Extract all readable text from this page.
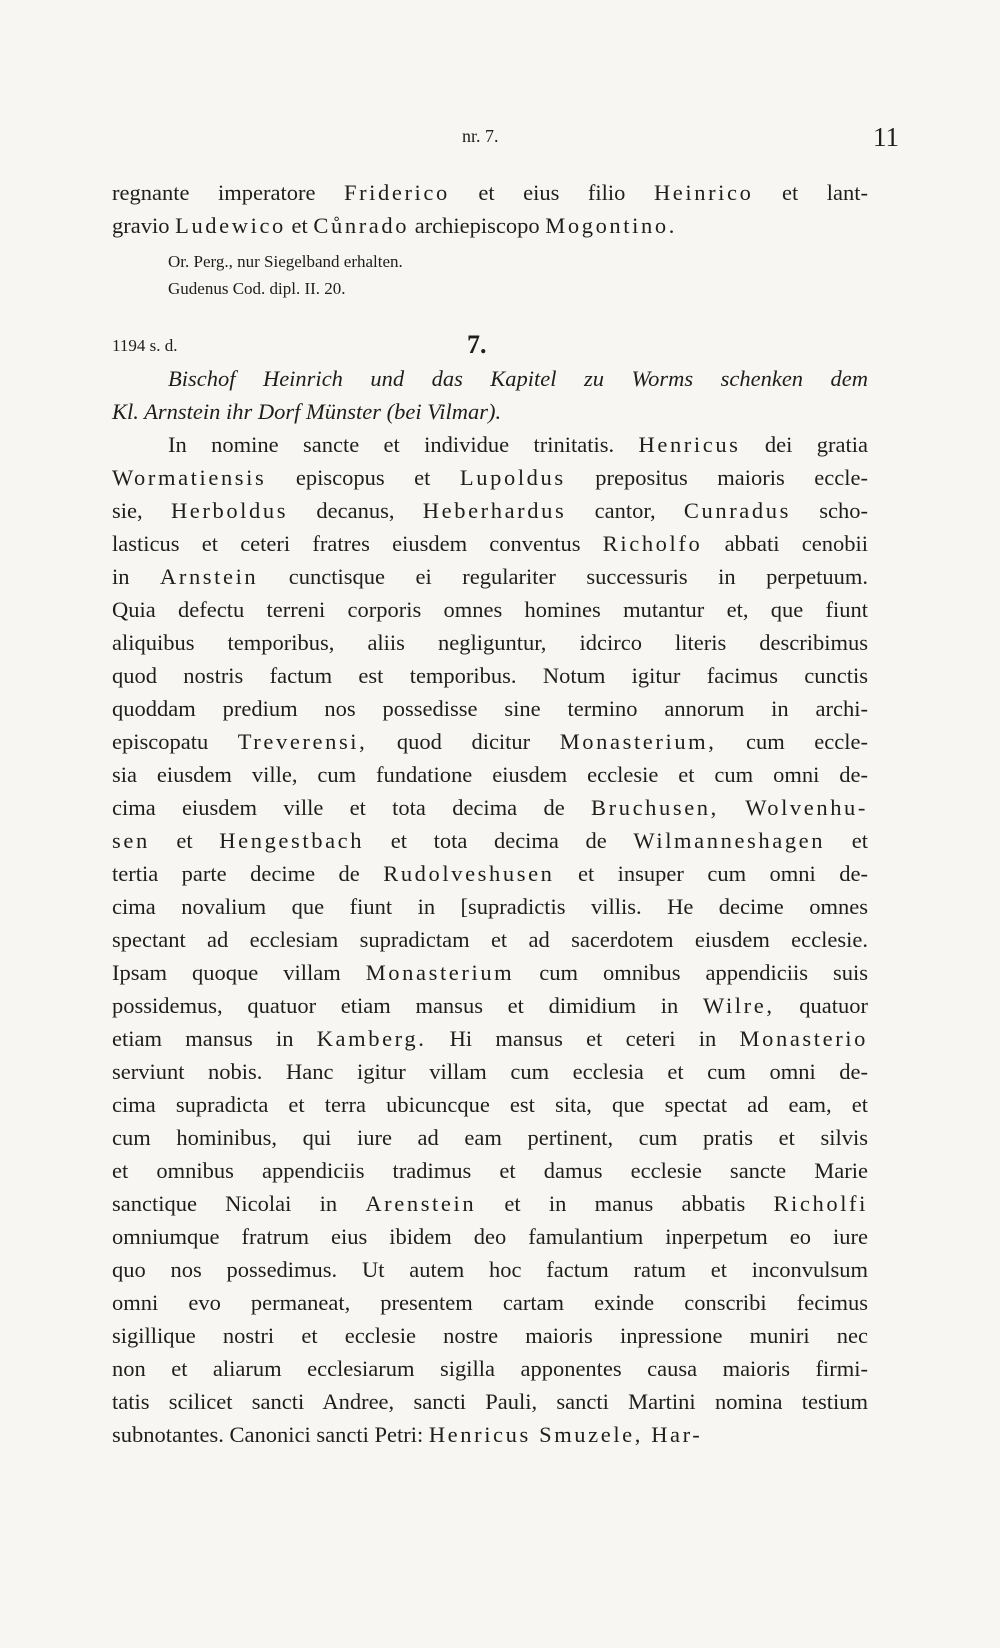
nr. 7.	11
regnante imperatore Friderico et eius filio Heinrico et lant-
gravio Ludewico et Cůnrado archiepiscopo Mogontino.
Or. Perg., nur Siegelband erhalten.
Gudenus Cod. dipl. II. 20.
1194 s. d.	7.
Bischof Heinrich und das Kapitel zu Worms schenken dem
Kl. Arnstein ihr Dorf Münster (bei Vilmar).
In nomine sancte et individue trinitatis. Henricus dei gratia
Wormatiensis episcopus et Lupoldus prepositus maioris eccle-
sie, Herboldus decanus, Heberhardus cantor, Cunradus scho-
lasticus et ceteri fratres eiusdem conventus Richolfo abbati cenobii
in Arnstein cunctisque ei regulariter successuris in perpetuum.
Quia defectu terreni corporis omnes homines mutantur et, que fiunt
aliquibus temporibus, aliis negliguntur, idcirco literis describimus
quod nostris factum est temporibus. Notum igitur facimus cunctis
quoddam predium nos possedisse sine termino annorum in archi-
episcopatu Treverensi, quod dicitur Monasterium, cum eccle-
sia eiusdem ville, cum fundatione eiusdem ecclesie et cum omni de-
cima eiusdem ville et tota decima de Bruchusen, Wolvenhu-
sen et Hengestbach et tota decima de Wilmanneshagen et
tertia parte decime de Rudolveshusen et insuper cum omni de-
cima novalium que fiunt in [supradictis villis. He decime omnes
spectant ad ecclesiam supradictam et ad sacerdotem eiusdem ecclesie.
Ipsam quoque villam Monasterium cum omnibus appendiciis suis
possidemus, quatuor etiam mansus et dimidium in Wilre, quatuor
etiam mansus in Kamberg. Hi mansus et ceteri in Monasterio
serviunt nobis. Hanc igitur villam cum ecclesia et cum omni de-
cima supradicta et terra ubicuncque est sita, que spectat ad eam, et
cum hominibus, qui iure ad eam pertinent, cum pratis et silvis
et omnibus appendiciis tradimus et damus ecclesie sancte Marie
sanctique Nicolai in Arenstein et in manus abbatis Richolfi
omniumque fratrum eius ibidem deo famulantium inperpetum eo iure
quo nos possedimus. Ut autem hoc factum ratum et inconvulsum
omni evo permaneat, presentem cartam exinde conscribi fecimus
sigillique nostri et ecclesie nostre maioris inpressione muniri nec
non et aliarum ecclesiarum sigilla apponentes causa maioris firmi-
tatis scilicet sancti Andree, sancti Pauli, sancti Martini nomina testium
subnotantes. Canonici sancti Petri: Henricus Smuzele, Har-
